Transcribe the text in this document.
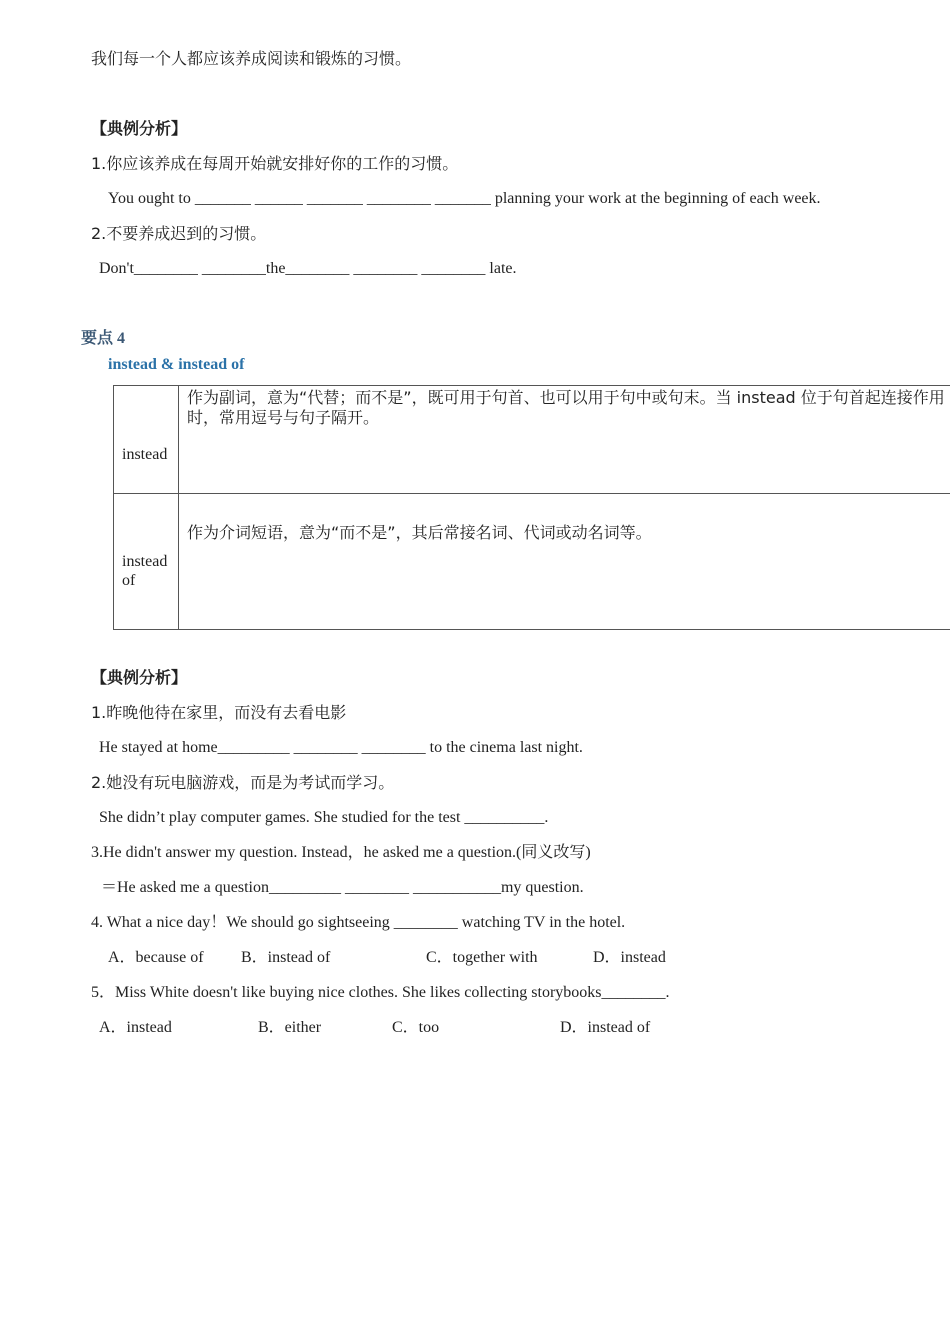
我们每一个人都应该养成阅读和锻炼的习惯。
【典例分析】
1.你应该养成在每周开始就安排好你的工作的习惯。
You ought to _______ ______ _______ ________ _______ planning your work at the beginning of each week.
2.不要养成迟到的习惯。
Don't________ ________the________ ________ ________ late.
要点 4
instead & instead of
instead	作为副词，意为“代替；而不是”，既可用于句首、也可以用于句中或句末。当 instead 位于句首起连接作用时，常用逗号与句子隔开。

instead of	作为介词短语，意为“而不是”，其后常接名词、代词或动名词等。
【典例分析】
1.昨晚他待在家里，而没有去看电影
He stayed at home_________ ________ ________ to the cinema last night.
2.她没有玩电脑游戏，而是为考试而学习。
She didn’t play computer games. She studied for the test __________.
3.He didn't answer my question. Instead，he asked me a question.(同义改写)
＝He asked me a question_________ ________ ___________my question.
4. What a nice day！We should go sightseeing ________ watching TV in the hotel.
A．because of B．instead of	C．together with	D．instead
5．Miss White doesn't like buying nice clothes. She likes collecting storybooks________.
A．instead	B．either	C．too	D．instead of
